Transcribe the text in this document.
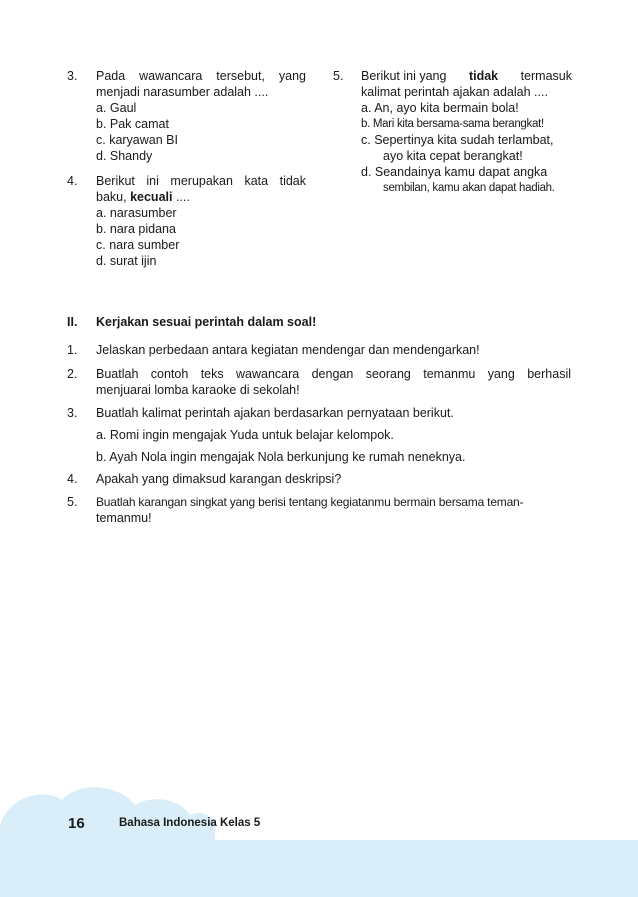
3. Pada wawancara tersebut, yang
menjadi narasumber adalah ....
a. Gaul
b. Pak camat
c. karyawan BI
d. Shandy
4. Berikut ini merupakan kata tidak
baku, kecuali ....
a. narasumber
b. nara pidana
c. nara sumber
d. surat ijin
5. Berikut ini yang tidak termasuk
kalimat perintah ajakan adalah ....
a. An, ayo kita bermain bola!
b. Mari kita bersama-sama berangkat!
c. Sepertinya kita sudah terlambat,
ayo kita cepat berangkat!
d. Seandainya kamu dapat angka
sembilan, kamu akan dapat hadiah.
II. Kerjakan sesuai perintah dalam soal!
1. Jelaskan perbedaan antara kegiatan mendengar dan mendengarkan!
2. Buatlah contoh teks wawancara dengan seorang temanmu yang berhasil
menjuarai lomba karaoke di sekolah!
3. Buatlah kalimat perintah ajakan berdasarkan pernyataan berikut.
a. Romi ingin mengajak Yuda untuk belajar kelompok.
b. Ayah Nola ingin mengajak Nola berkunjung ke rumah neneknya.
4. Apakah yang dimaksud karangan deskripsi?
5. Buatlah karangan singkat yang berisi tentang kegiatanmu bermain bersama teman-
temanmu!
16	Bahasa Indonesia Kelas 5
